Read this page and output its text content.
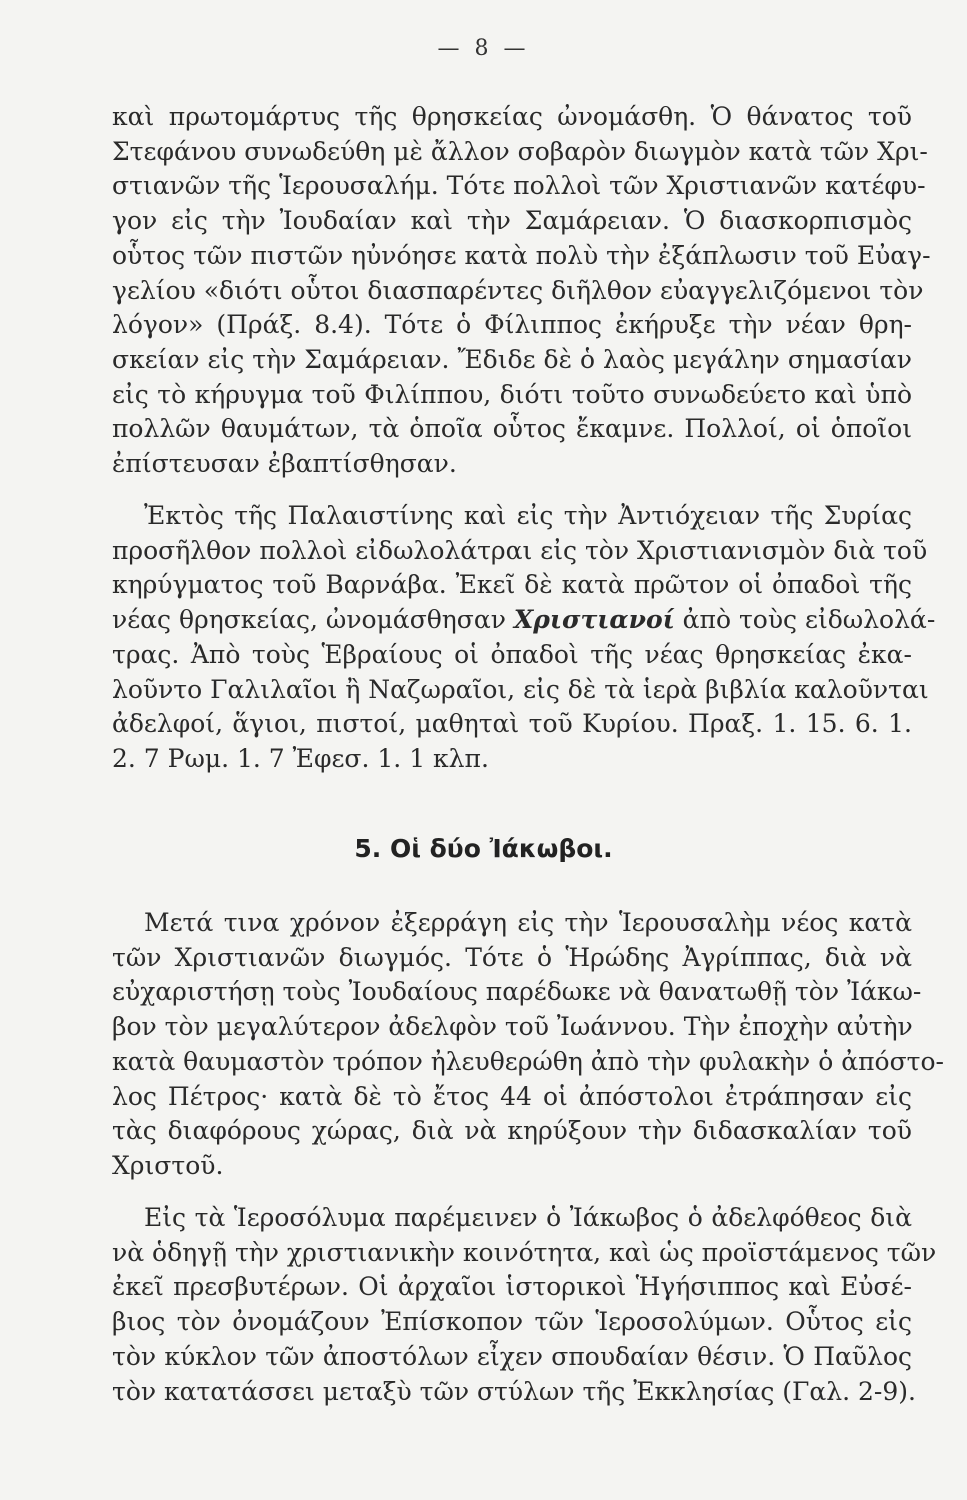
— 8 —
καὶ πρωτομάρτυς τῆς θρησκείας ὠνομάσθη. Ὁ θάνατος τοῦ
Στεφάνου συνωδεύθη μὲ ἄλλον σοβαρὸν διωγμὸν κατὰ τῶν Χρι-
στιανῶν τῆς Ἱερουσαλήμ. Τότε πολλοὶ τῶν Χριστιανῶν κατέφυ-
γον εἰς τὴν Ἰουδαίαν καὶ τὴν Σαμάρειαν. Ὁ διασκορπισμὸς
οὗτος τῶν πιστῶν ηὐνόησε κατὰ πολὺ τὴν ἐξάπλωσιν τοῦ Εὐαγ-
γελίου «διότι οὗτοι διασπαρέντες διῆλθον εὐαγγελιζόμενοι τὸν
λόγον» (Πράξ. 8.4). Τότε ὁ Φίλιππος ἐκήρυξε τὴν νέαν θρη-
σκείαν εἰς τὴν Σαμάρειαν. Ἔδιδε δὲ ὁ λαὸς μεγάλην σημασίαν
εἰς τὸ κήρυγμα τοῦ Φιλίππου, διότι τοῦτο συνωδεύετο καὶ ὑπὸ
πολλῶν θαυμάτων, τὰ ὁποῖα οὗτος ἔκαμνε. Πολλοί, οἱ ὁποῖοι
ἐπίστευσαν ἐβαπτίσθησαν.
Ἐκτὸς τῆς Παλαιστίνης καὶ εἰς τὴν Ἀντιόχειαν τῆς Συρίας
προσῆλθον πολλοὶ εἰδωλολάτραι εἰς τὸν Χριστιανισμὸν διὰ τοῦ
κηρύγματος τοῦ Βαρνάβα. Ἐκεῖ δὲ κατὰ πρῶτον οἱ ὀπαδοὶ τῆς
νέας θρησκείας, ὠνομάσθησαν Χριστιανοί ἀπὸ τοὺς εἰδωλολά-
τρας. Ἀπὸ τοὺς Ἑβραίους οἱ ὀπαδοὶ τῆς νέας θρησκείας ἐκα-
λοῦντο Γαλιλαῖοι ἢ Ναζωραῖοι, εἰς δὲ τὰ ἱερὰ βιβλία καλοῦνται
ἀδελφοί, ἅγιοι, πιστοί, μαθηταὶ τοῦ Κυρίου. Πραξ. 1. 15. 6. 1.
2. 7 Ρωμ. 1. 7 Ἐφεσ. 1. 1 κλπ.
5. Οἱ δύο Ἰάκωβοι.
Μετά τινα χρόνον ἐξερράγη εἰς τὴν Ἱερουσαλὴμ νέος κατὰ
τῶν Χριστιανῶν διωγμός. Τότε ὁ Ἡρώδης Ἀγρίππας, διὰ νὰ
εὐχαριστήσῃ τοὺς Ἰουδαίους παρέδωκε νὰ θανατωθῇ τὸν Ἰάκω-
βον τὸν μεγαλύτερον ἀδελφὸν τοῦ Ἰωάννου. Τὴν ἐποχὴν αὐτὴν
κατὰ θαυμαστὸν τρόπον ἠλευθερώθη ἀπὸ τὴν φυλακὴν ὁ ἀπόστο-
λος Πέτρος· κατὰ δὲ τὸ ἔτος 44 οἱ ἀπόστολοι ἐτράπησαν εἰς
τὰς διαφόρους χώρας, διὰ νὰ κηρύξουν τὴν διδασκαλίαν τοῦ
Χριστοῦ.
Εἰς τὰ Ἱεροσόλυμα παρέμεινεν ὁ Ἰάκωβος ὁ ἀδελφόθεος διὰ
νὰ ὁδηγῇ τὴν χριστιανικὴν κοινότητα, καὶ ὡς προϊστάμενος τῶν
ἐκεῖ πρεσβυτέρων. Οἱ ἀρχαῖοι ἱστορικοὶ Ἡγήσιππος καὶ Εὐσέ-
βιος τὸν ὀνομάζουν Ἐπίσκοπον τῶν Ἱεροσολύμων. Οὗτος εἰς
τὸν κύκλον τῶν ἀποστόλων εἶχεν σπουδαίαν θέσιν. Ὁ Παῦλος
τὸν κατατάσσει μεταξὺ τῶν στύλων τῆς Ἐκκλησίας (Γαλ. 2-9).
